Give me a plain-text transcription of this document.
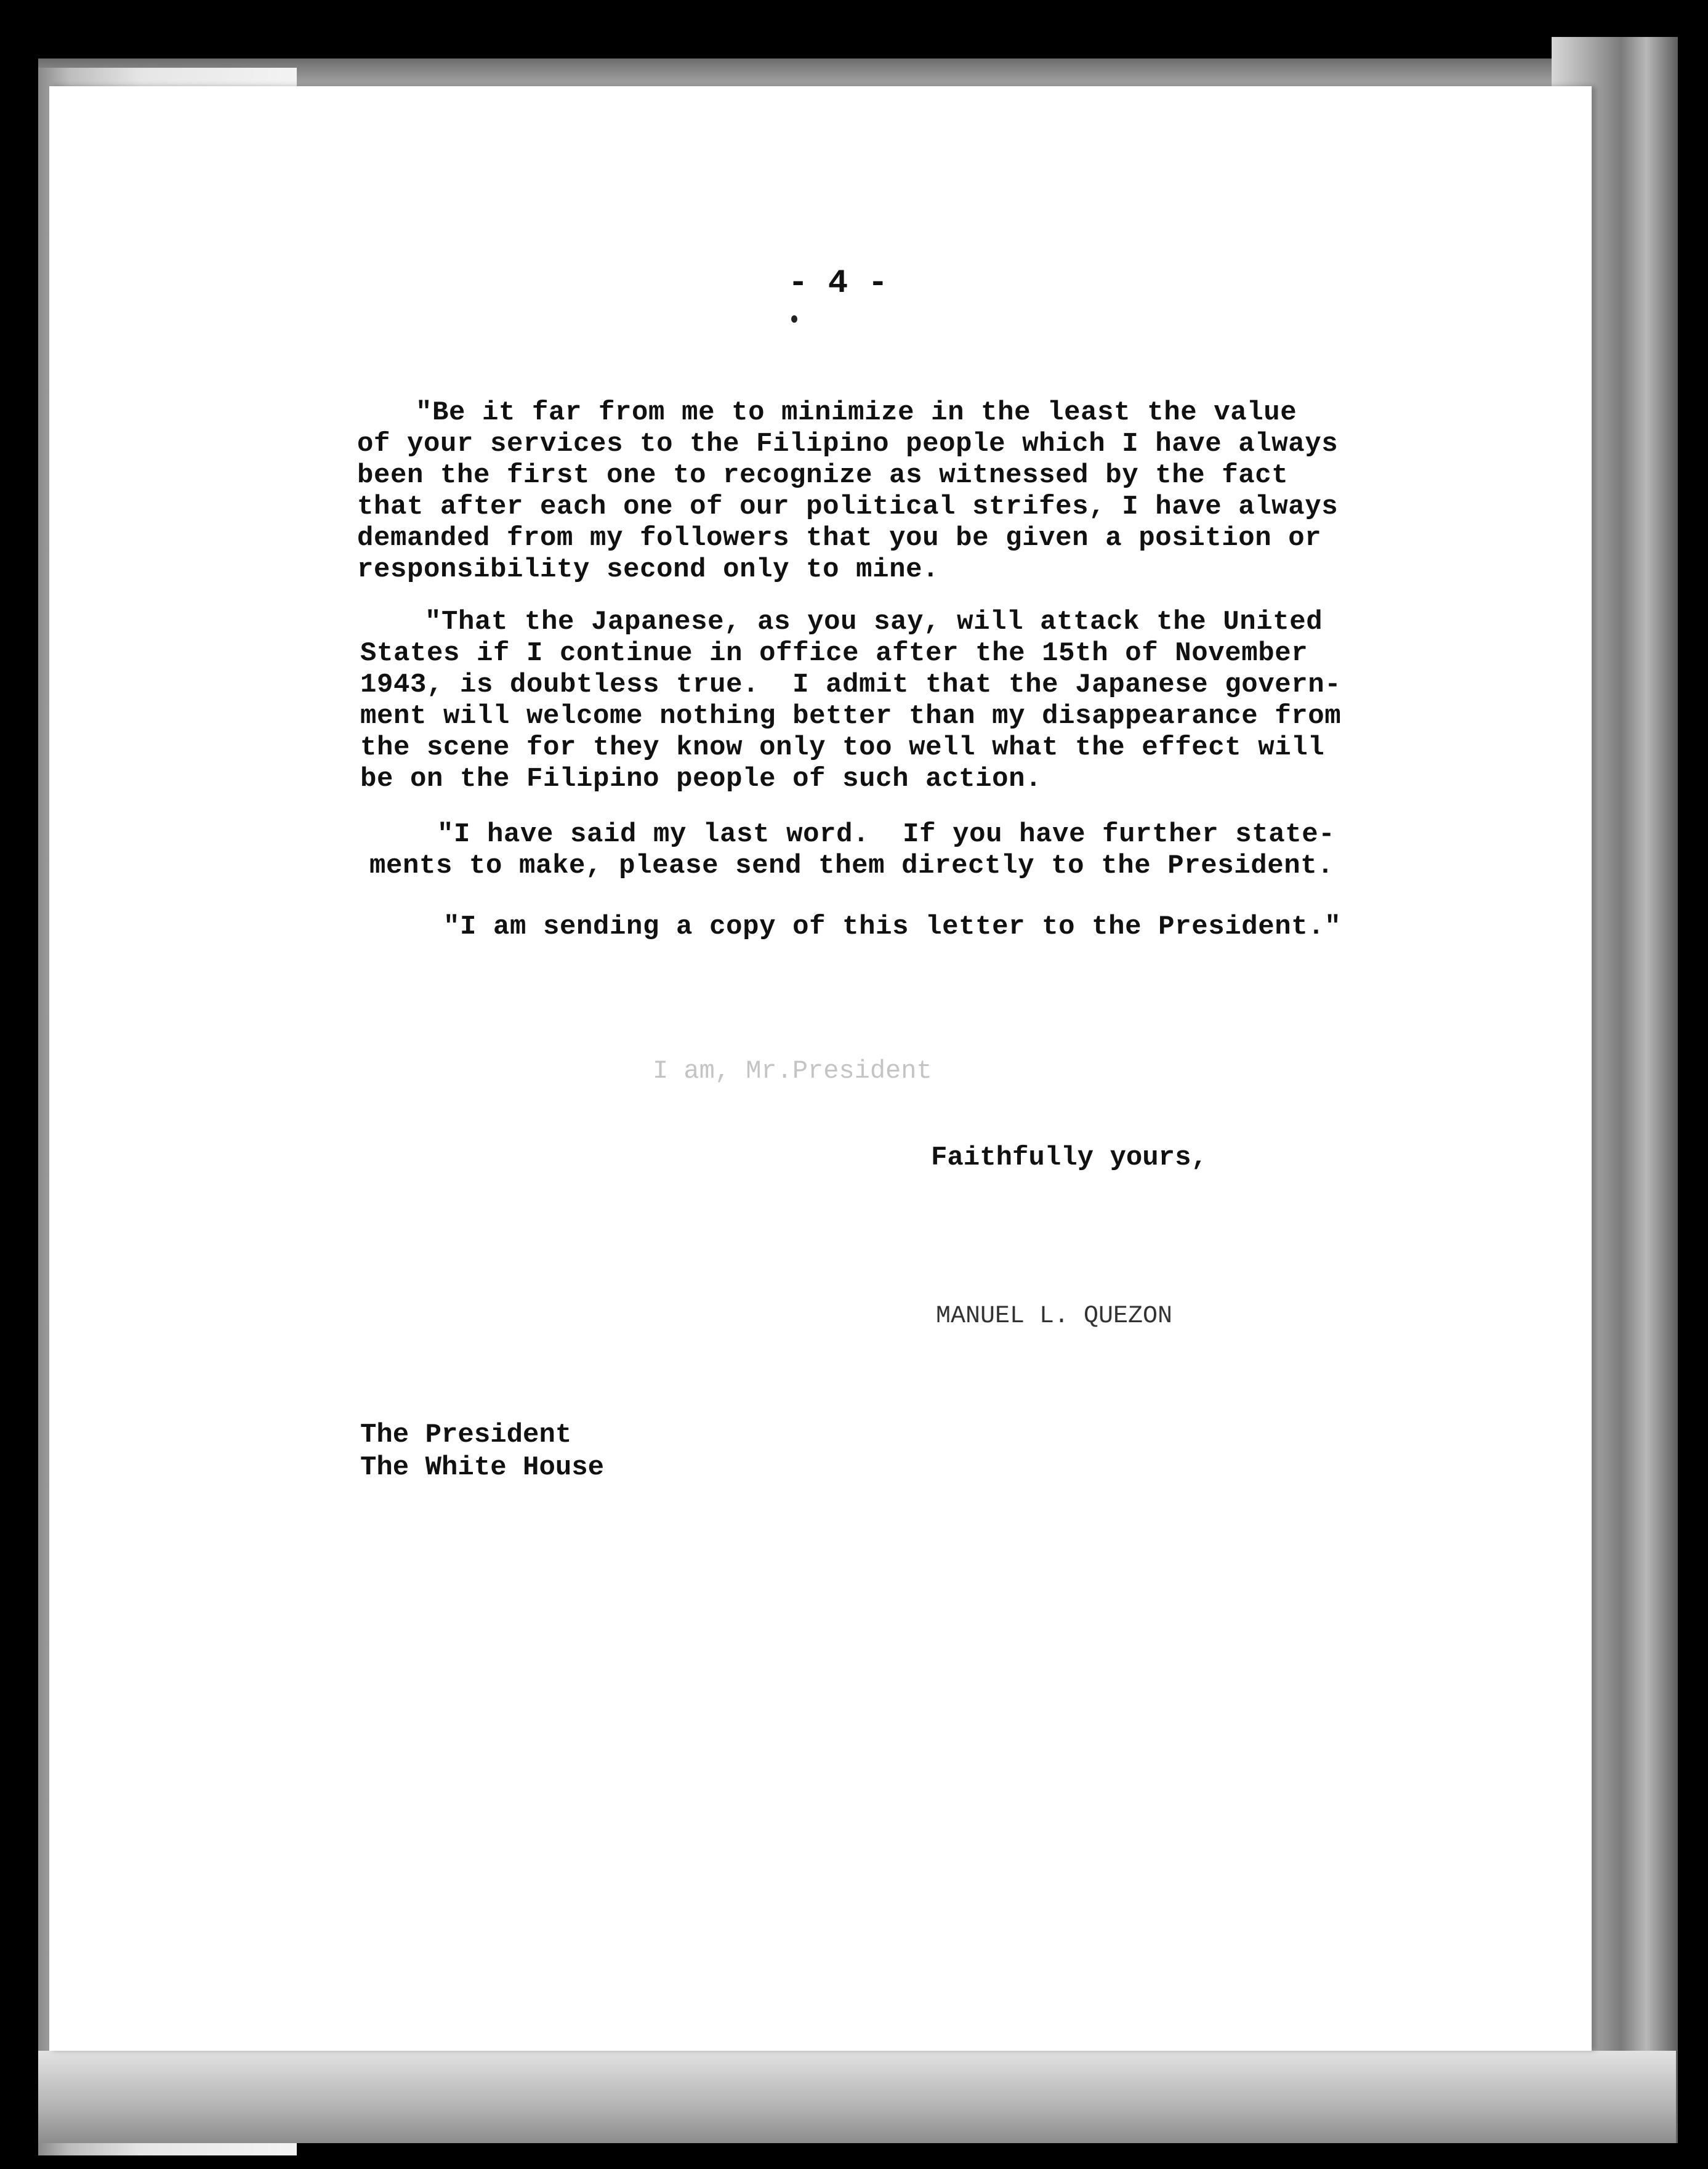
- 4 -

"Be it far from me to minimize in the least the value

of your services to the Filipino people which I have always

been the first one to recognize as witnessed by the fact

that after each one of our political strifes, I have always

demanded from my followers that you be given a position or

responsibility second only to mine.

"That the Japanese, as you say, will attack the United

States if I continue in office after the 15th of November

1943, is doubtless true.  I admit that the Japanese govern-

ment will welcome nothing better than my disappearance from

the scene for they know only too well what the effect will

be on the Filipino people of such action.

"I have said my last word.  If you have further state-

ments to make, please send them directly to the President.

"I am sending a copy of this letter to the President."

I am, Mr.President

Faithfully yours,

MANUEL L. QUEZON

The President

The White House
